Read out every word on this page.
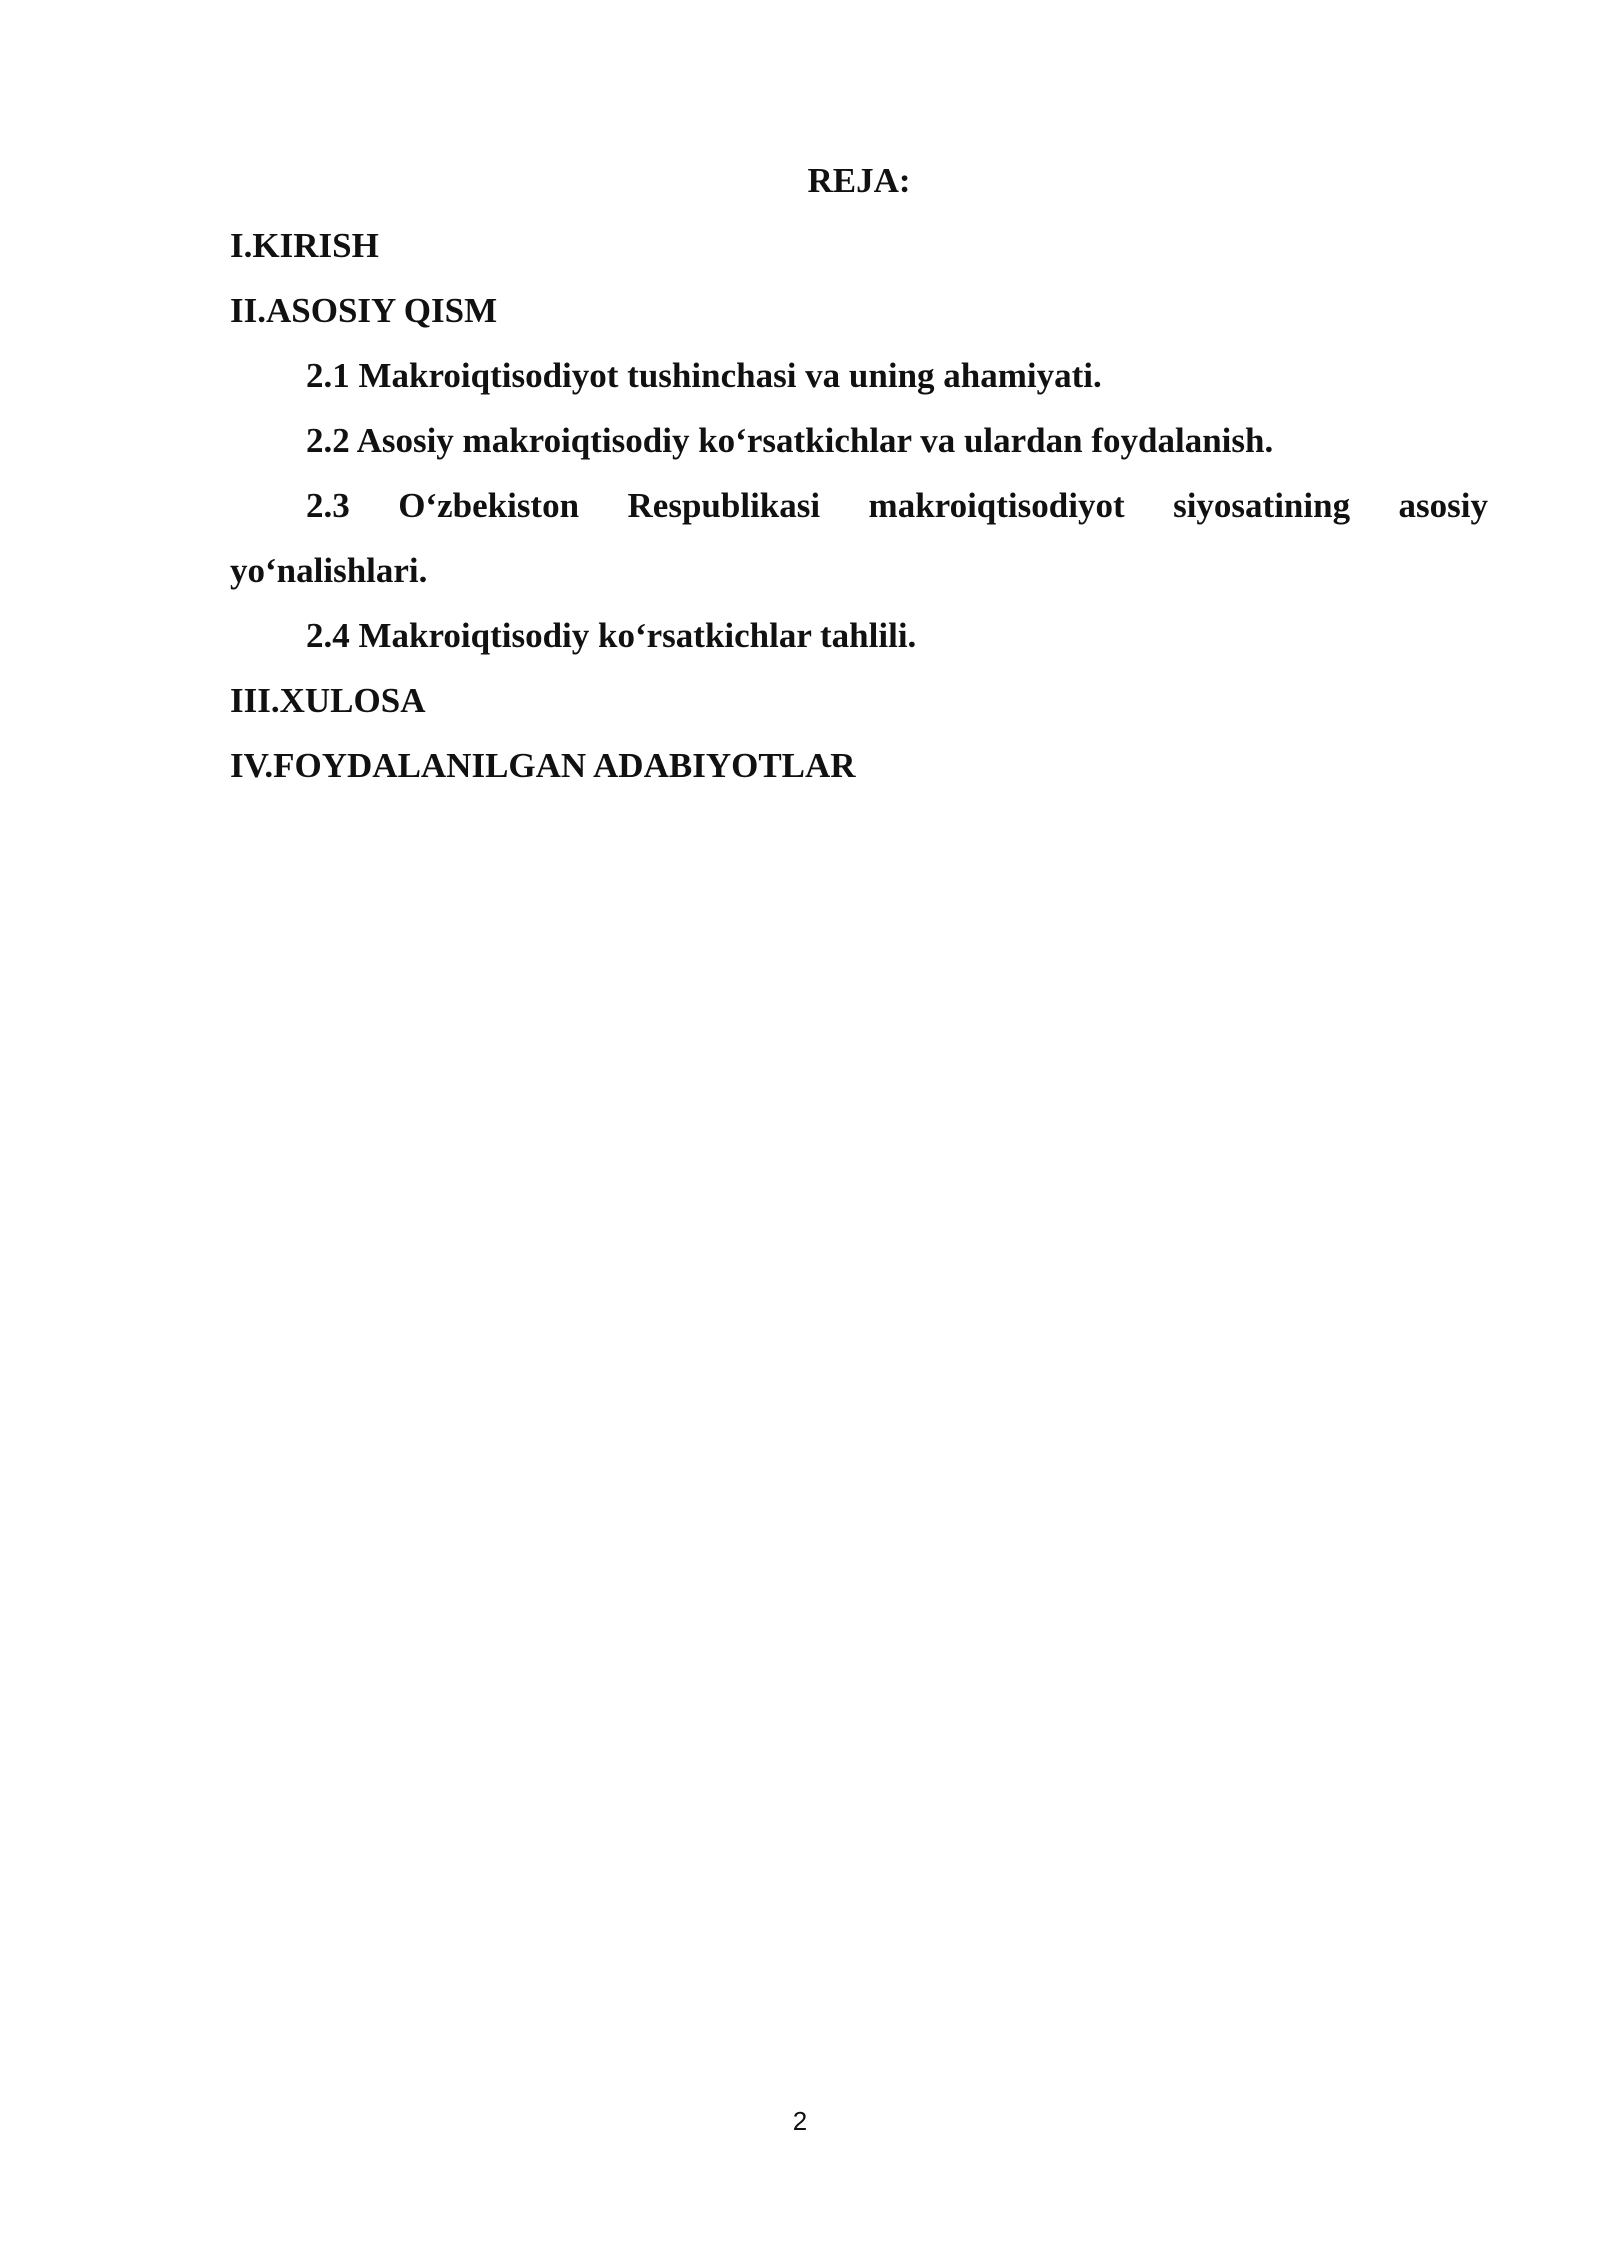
REJA:

I.KIRISH

II.ASOSIY QISM

2.1 Makroiqtisodiyot tushinchasi va uning ahamiyati.

2.2 Asosiy makroiqtisodiy ko‘rsatkichlar va ulardan foydalanish.

2.3 O‘zbekiston Respublikasi makroiqtisodiyot siyosatining asosiy yo‘nalishlari.

2.4 Makroiqtisodiy ko‘rsatkichlar tahlili.

III.XULOSA

IV.FOYDALANILGAN ADABIYOTLAR

2
